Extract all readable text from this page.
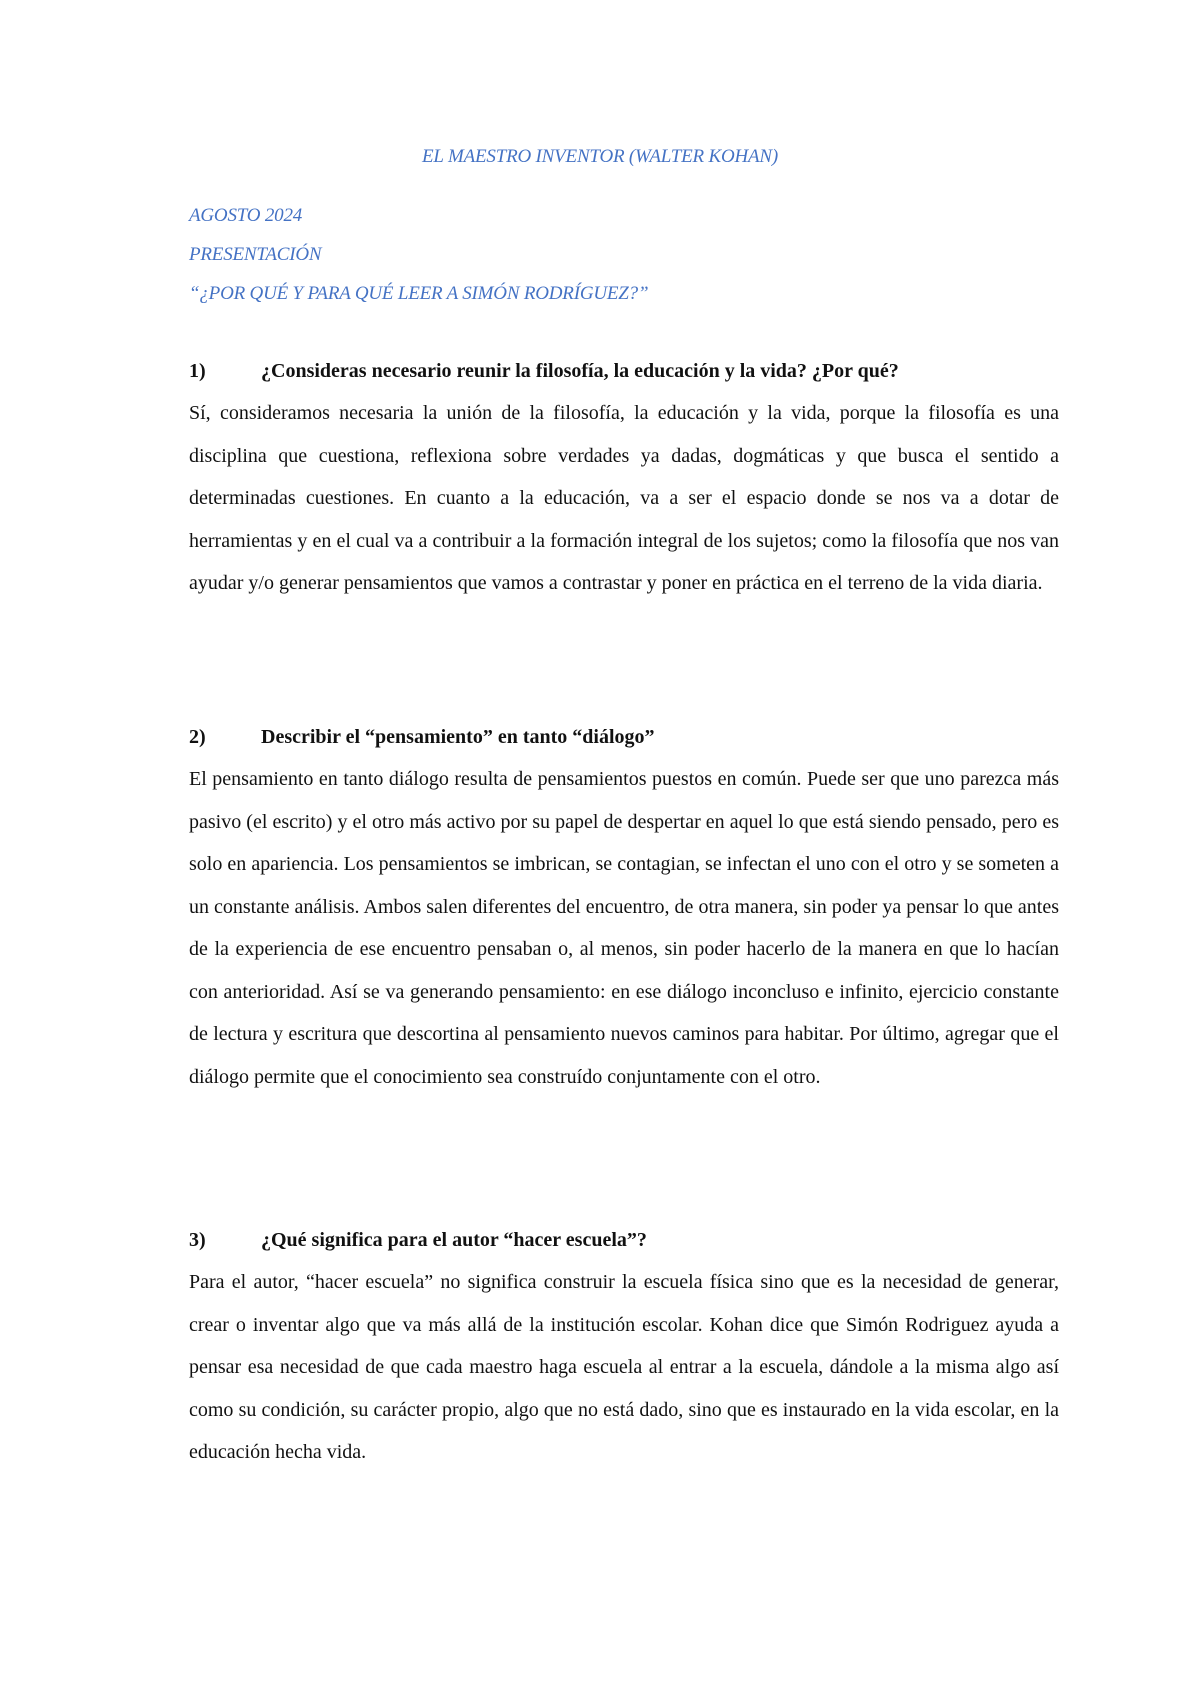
EL MAESTRO INVENTOR (WALTER KOHAN)
AGOSTO 2024
PRESENTACIÓN
“¿POR QUÉ Y PARA QUÉ LEER A SIMÓN RODRÍGUEZ?”
1)	¿Consideras necesario reunir la filosofía, la educación y la vida? ¿Por qué?

Sí, consideramos necesaria la unión de la filosofía, la educación y la vida, porque la filosofía es una disciplina que cuestiona, reflexiona sobre verdades ya dadas, dogmáticas y que busca el sentido a determinadas cuestiones. En cuanto a la educación, va a ser el espacio donde se nos va a dotar de herramientas y en el cual va a contribuir a la formación integral de los sujetos; como la filosofía que nos van ayudar y/o generar pensamientos que vamos a contrastar y poner en práctica en el terreno de la vida diaria.

2)	Describir el “pensamiento” en tanto “diálogo”

El pensamiento en tanto diálogo resulta de pensamientos puestos en común. Puede ser que uno parezca más pasivo (el escrito) y el otro más activo por su papel de despertar en aquel lo que está siendo pensado, pero es solo en apariencia. Los pensamientos se imbrican, se contagian, se infectan el uno con el otro y se someten a un constante análisis. Ambos salen diferentes del encuentro, de otra manera, sin poder ya pensar lo que antes de la experiencia de ese encuentro pensaban o, al menos, sin poder hacerlo de la manera en que lo hacían con anterioridad. Así se va generando pensamiento: en ese diálogo inconcluso e infinito, ejercicio constante de lectura y escritura que descortina al pensamiento nuevos caminos para habitar. Por último, agregar que el diálogo permite que el conocimiento sea construído conjuntamente con el otro.

3)	¿Qué significa para el autor “hacer escuela”?

Para el autor, “hacer escuela” no significa construir la escuela física sino que es la necesidad de generar, crear o inventar algo que va más allá de la institución escolar. Kohan dice que Simón Rodriguez ayuda a pensar esa necesidad de que cada maestro haga escuela al entrar a la escuela, dándole a la misma algo así como su condición, su carácter propio, algo que no está dado, sino que es instaurado en la vida escolar, en la educación hecha vida.
